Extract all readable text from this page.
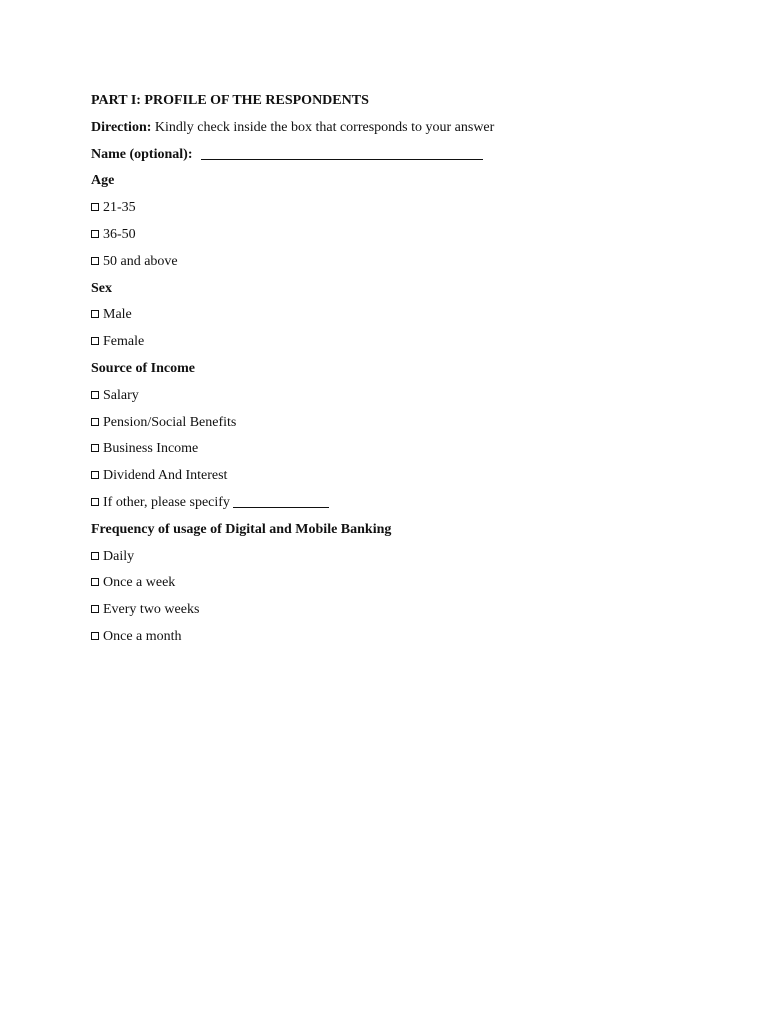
PART I: PROFILE OF THE RESPONDENTS
Direction: Kindly check inside the box that corresponds to your answer
Name (optional):
Age
21-35
36-50
50 and above
Sex
Male
Female
Source of Income
Salary
Pension/Social Benefits
Business Income
Dividend And Interest
If other, please specify
Frequency of usage of Digital and Mobile Banking
Daily
Once a week
Every two weeks
Once a month
